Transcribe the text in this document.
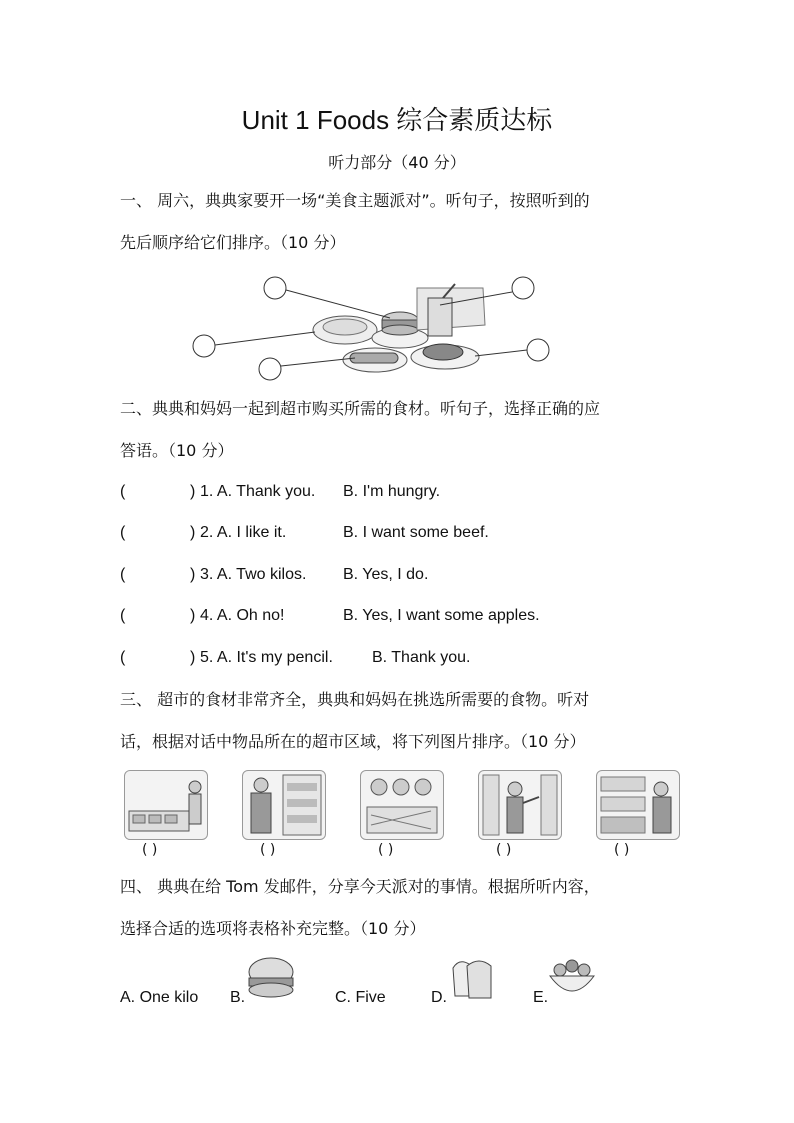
Unit 1 Foods 综合素质达标
听力部分（40 分）
一、 周六，典典家要开一场“美食主题派对”。听句子，按照听到的
先后顺序给它们排序。（10 分）
二、典典和妈妈一起到超市购买所需的食材。听句子，选择正确的应
答语。（10 分）
(	) 1. A. Thank you. B. I'm hungry.
(	) 2. A. I like it.	B. I want some beef.
(	) 3. A. Two kilos. B. Yes, I do.
(	) 4. A. Oh no!	B. Yes, I want some apples.
(	) 5. A. It's my pencil. B. Thank you.
三、 超市的食材非常齐全，典典和妈妈在挑选所需要的食物。听对
话，根据对话中物品所在的超市区域，将下列图片排序。（10 分）
( )	( )	( )	( )	( )
四、 典典在给 Tom 发邮件，分享今天派对的事情。根据所听内容，
选择合适的选项将表格补充完整。（10 分）
A. One kilo B.	C. Five	D.	E.
